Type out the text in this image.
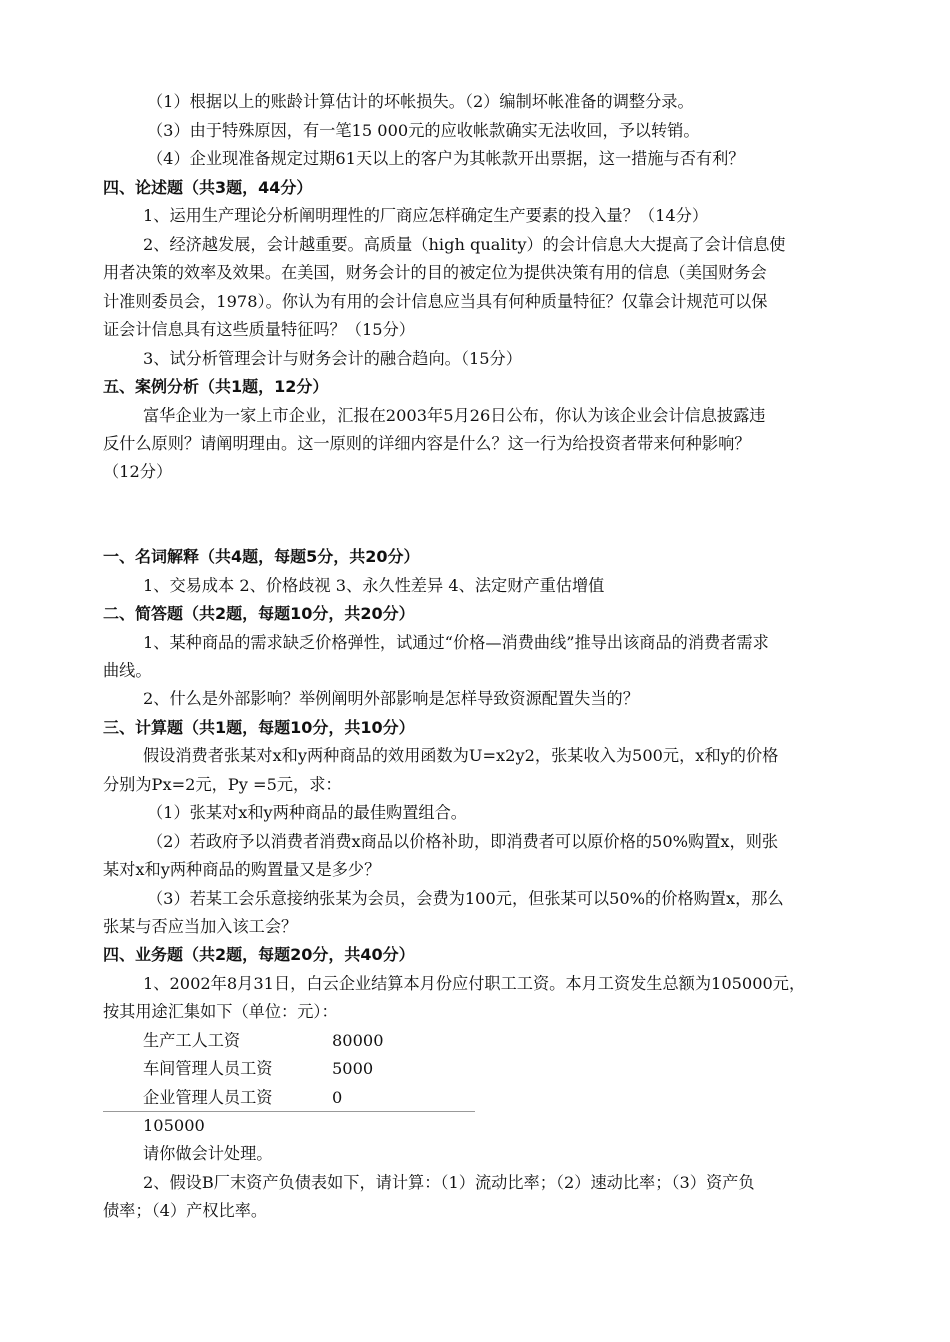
（1）根据以上的账龄计算估计的坏帐损失。（2）编制坏帐准备的调整分录。
（3）由于特殊原因，有一笔15 000元的应收帐款确实无法收回，予以转销。
（4）企业现准备规定过期61天以上的客户为其帐款开出票据，这一措施与否有利？
四、论述题（共3题，44分）
1、运用生产理论分析阐明理性的厂商应怎样确定生产要素的投入量？（14分）
2、经济越发展，会计越重要。高质量（high quality）的会计信息大大提高了会计信息使
用者决策的效率及效果。在美国，财务会计的目的被定位为提供决策有用的信息（美国财务会
计准则委员会，1978）。你认为有用的会计信息应当具有何种质量特征？仅靠会计规范可以保
证会计信息具有这些质量特征吗？（15分）
3、试分析管理会计与财务会计的融合趋向。（15分）
五、案例分析（共1题，12分）
富华企业为一家上市企业，汇报在2003年5月26日公布，你认为该企业会计信息披露违
反什么原则？请阐明理由。这一原则的详细内容是什么？这一行为给投资者带来何种影响？
（12分）
一、名词解释（共4题，每题5分，共20分）
1、交易成本 2、价格歧视 3、永久性差异 4、法定财产重估增值
二、简答题（共2题，每题10分，共20分）
1、某种商品的需求缺乏价格弹性，试通过“价格—消费曲线”推导出该商品的消费者需求
曲线。
2、什么是外部影响？举例阐明外部影响是怎样导致资源配置失当的？
三、计算题（共1题，每题10分，共10分）
假设消费者张某对x和y两种商品的效用函数为U=x2y2，张某收入为500元，x和y的价格
分别为Px=2元，Py =5元，求：
（1）张某对x和y两种商品的最佳购置组合。
（2）若政府予以消费者消费x商品以价格补助，即消费者可以原价格的50%购置x，则张
某对x和y两种商品的购置量又是多少？
（3）若某工会乐意接纳张某为会员，会费为100元，但张某可以50%的价格购置x，那么
张某与否应当加入该工会？
四、业务题（共2题，每题20分，共40分）
1、2002年8月31日，白云企业结算本月份应付职工工资。本月工资发生总额为105000元，
按其用途汇集如下（单位：元）：
生产工人工资	80000
车间管理人员工资	5000
企业管理人员工资	0
105000
请你做会计处理。
2、假设B厂末资产负债表如下，请计算：（1）流动比率；（2）速动比率；（3）资产负
债率；（4）产权比率。
